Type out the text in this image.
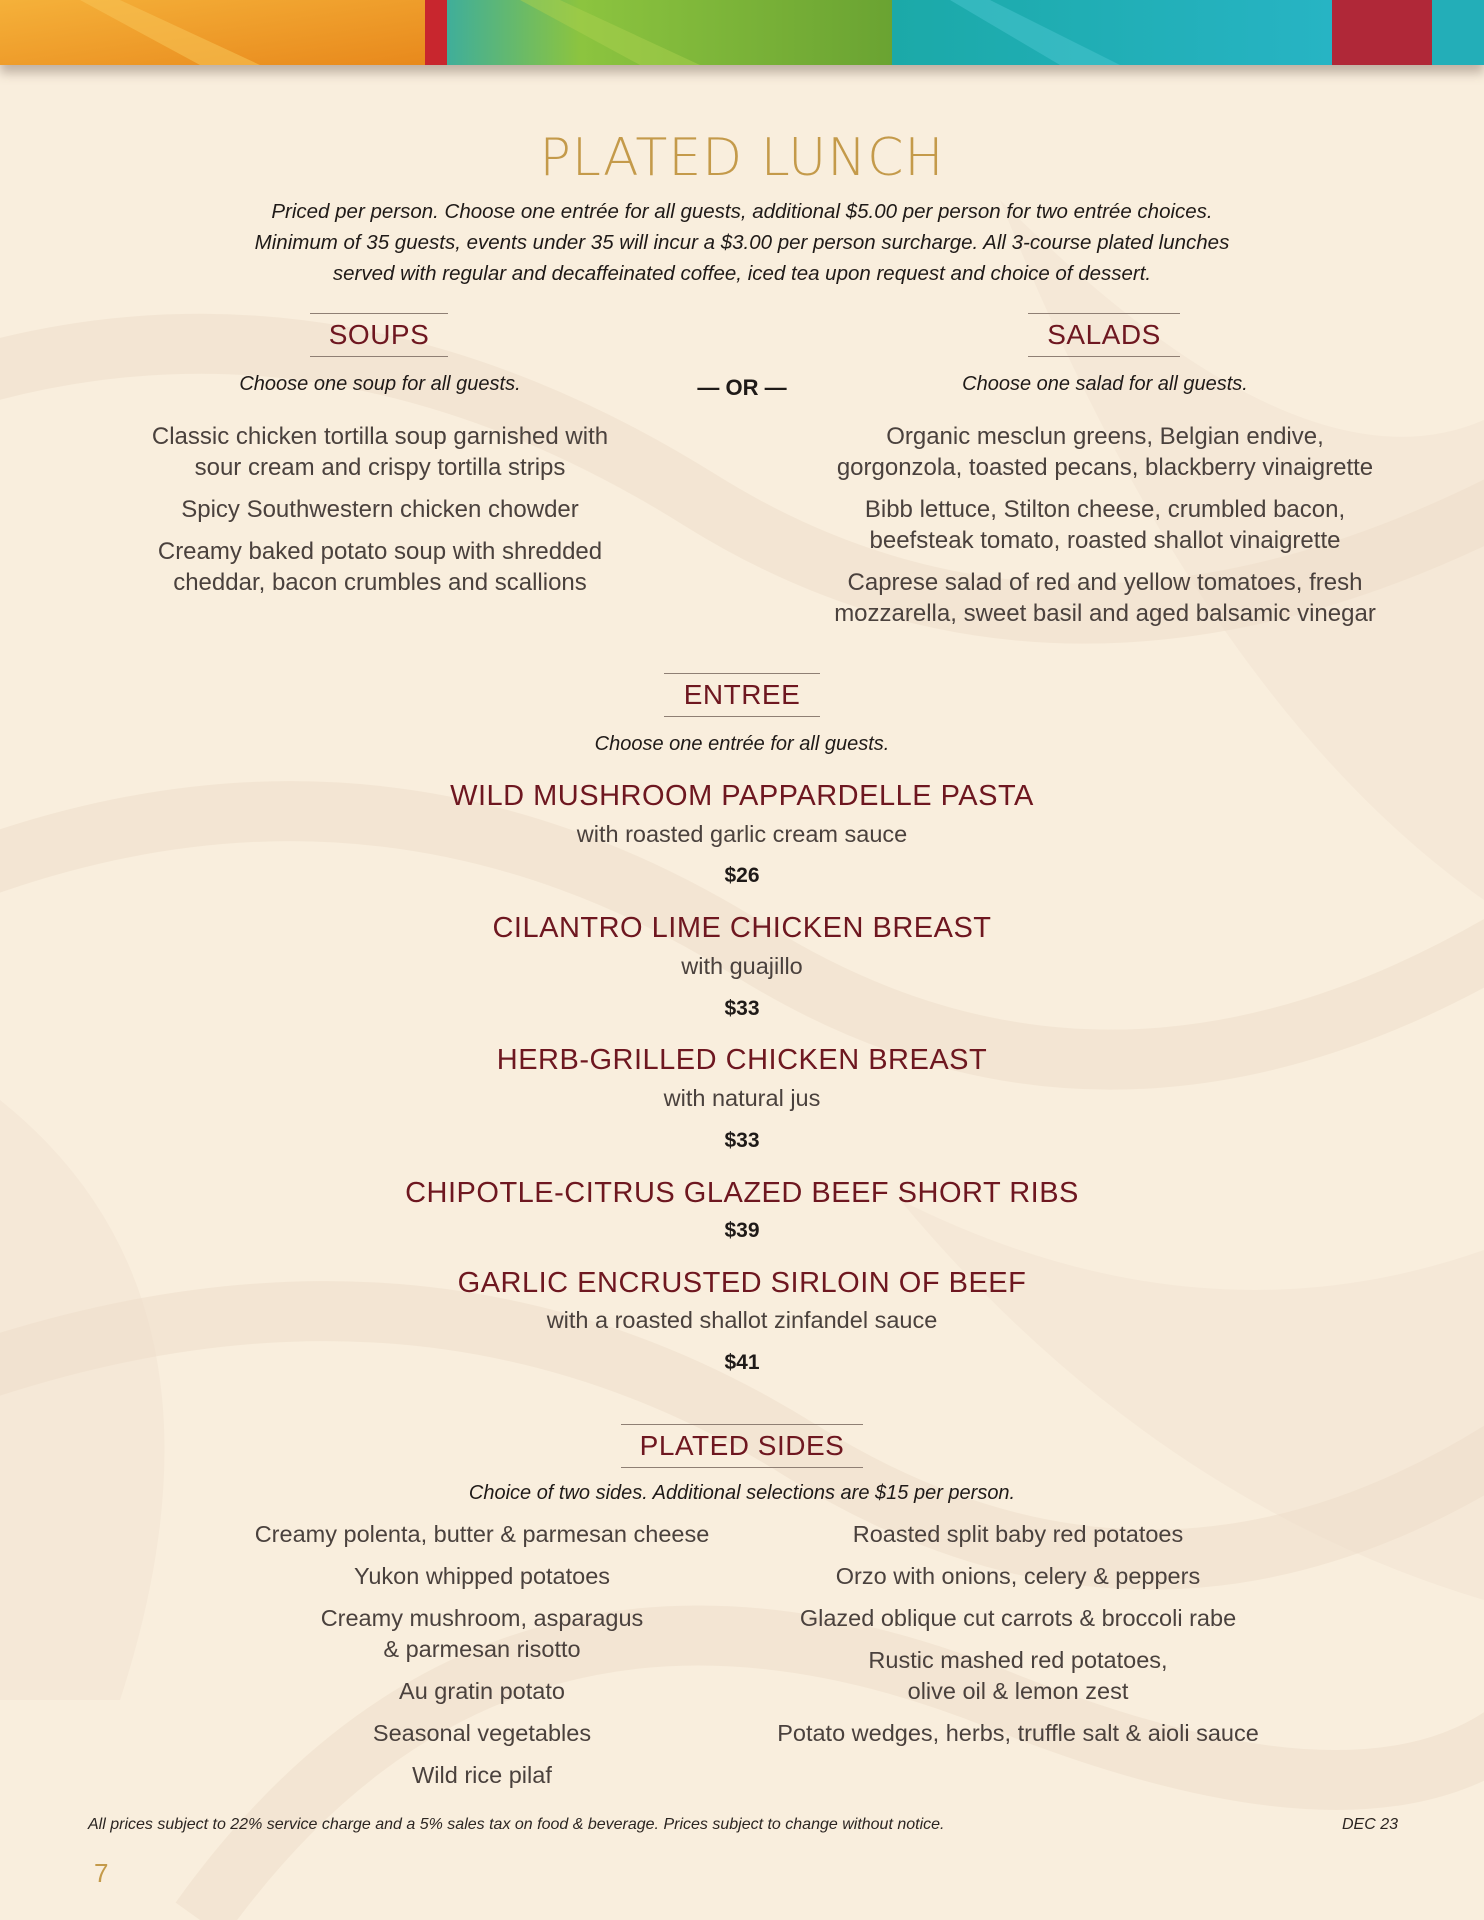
PLATED LUNCH
Priced per person. Choose one entrée for all guests, additional $5.00 per person for two entrée choices.
Minimum of 35 guests, events under 35 will incur a $3.00 per person surcharge. All 3-course plated lunches
served with regular and decaffeinated coffee, iced tea upon request and choice of dessert.
SOUPS
Choose one soup for all guests.
Classic chicken tortilla soup garnished with
sour cream and crispy tortilla strips
Spicy Southwestern chicken chowder
Creamy baked potato soup with shredded
cheddar, bacon crumbles and scallions
— OR —
SALADS
Choose one salad for all guests.
Organic mesclun greens, Belgian endive,
gorgonzola, toasted pecans, blackberry vinaigrette
Bibb lettuce, Stilton cheese, crumbled bacon,
beefsteak tomato, roasted shallot vinaigrette
Caprese salad of red and yellow tomatoes, fresh
mozzarella, sweet basil and aged balsamic vinegar
ENTREE
Choose one entrée for all guests.
WILD MUSHROOM PAPPARDELLE PASTA
with roasted garlic cream sauce
$26
CILANTRO LIME CHICKEN BREAST
with guajillo
$33
HERB-GRILLED CHICKEN BREAST
with natural jus
$33
CHIPOTLE-CITRUS GLAZED BEEF SHORT RIBS
$39
GARLIC ENCRUSTED SIRLOIN OF BEEF
with a roasted shallot zinfandel sauce
$41
PLATED SIDES
Choice of two sides. Additional selections are $15 per person.
Creamy polenta, butter & parmesan cheese
Yukon whipped potatoes
Creamy mushroom, asparagus
& parmesan risotto
Au gratin potato
Seasonal vegetables
Wild rice pilaf
Roasted split baby red potatoes
Orzo with onions, celery & peppers
Glazed oblique cut carrots & broccoli rabe
Rustic mashed red potatoes,
olive oil & lemon zest
Potato wedges, herbs, truffle salt & aioli sauce
All prices subject to 22% service charge and a 5% sales tax on food & beverage. Prices subject to change without notice.	DEC 23
7
